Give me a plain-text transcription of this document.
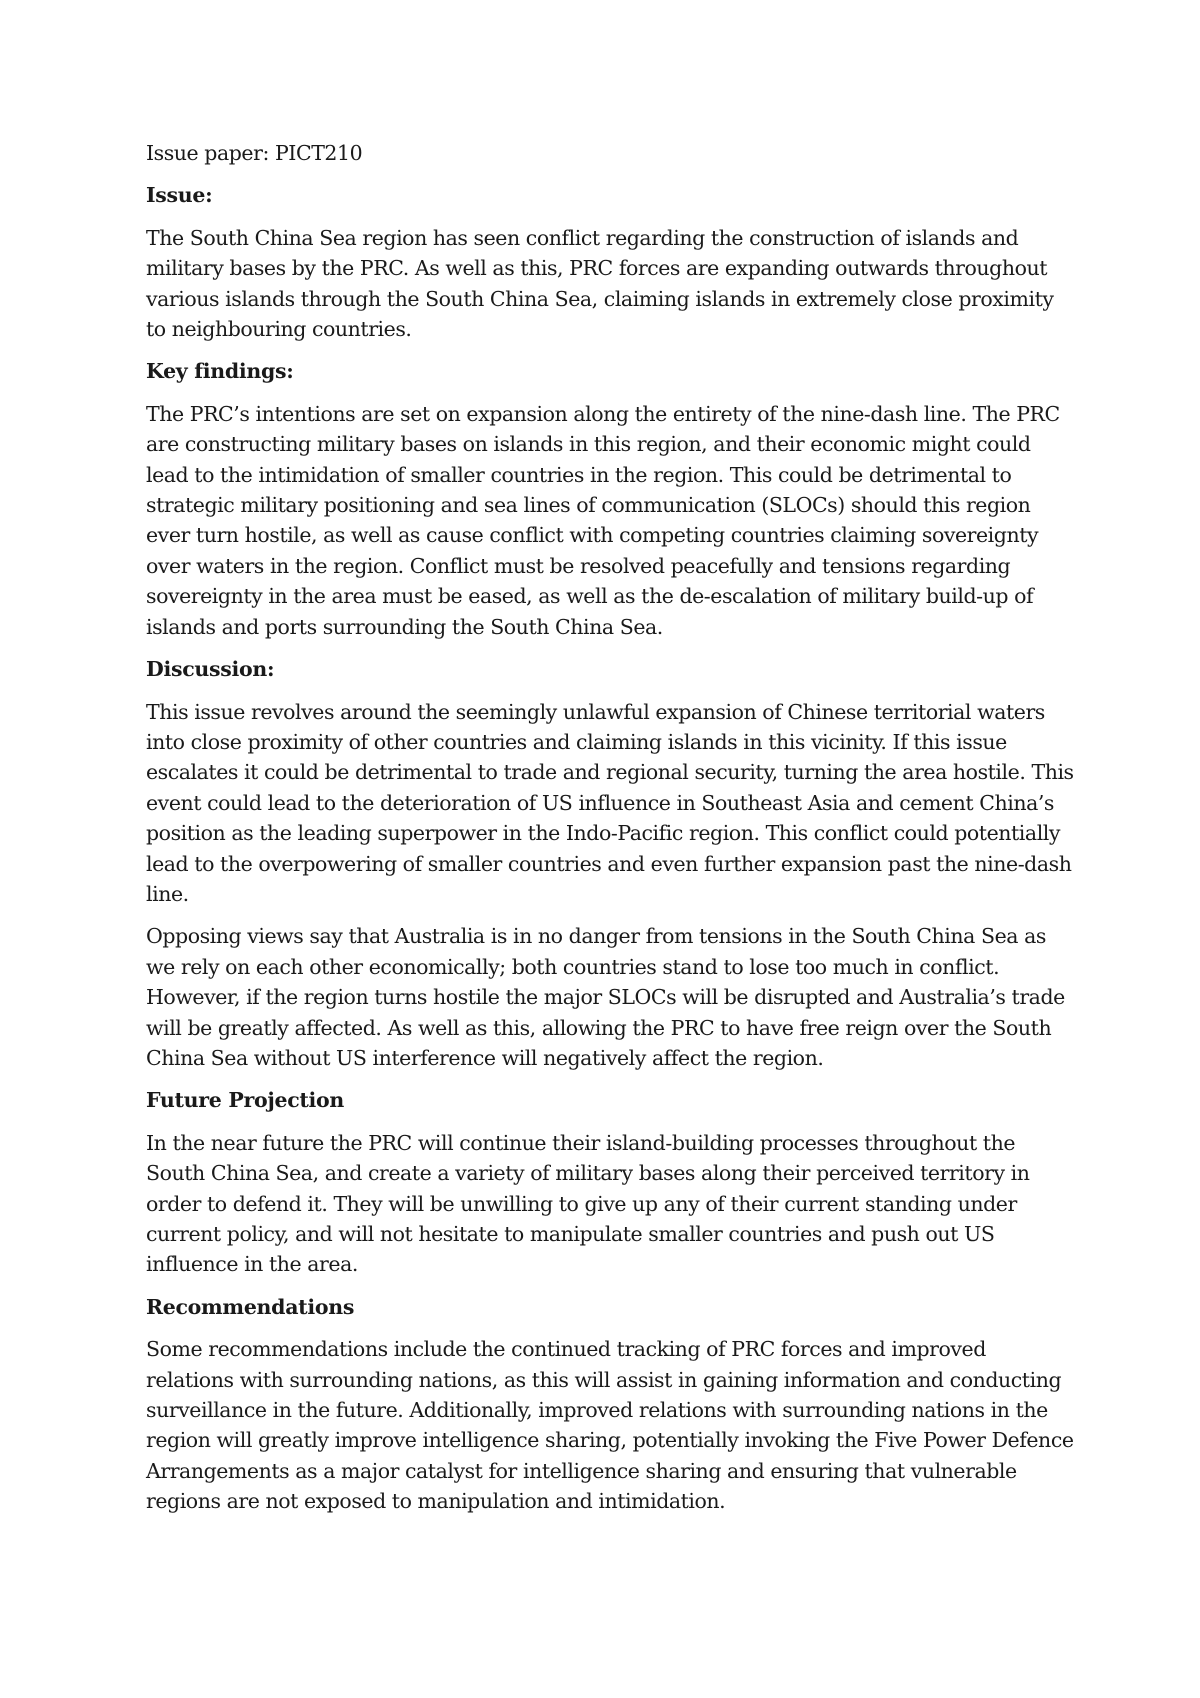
Issue paper: PICT210

Issue:

The South China Sea region has seen conflict regarding the construction of islands and military bases by the PRC. As well as this, PRC forces are expanding outwards throughout various islands through the South China Sea, claiming islands in extremely close proximity to neighbouring countries.

Key findings:

The PRC’s intentions are set on expansion along the entirety of the nine-dash line. The PRC are constructing military bases on islands in this region, and their economic might could lead to the intimidation of smaller countries in the region. This could be detrimental to strategic military positioning and sea lines of communication (SLOCs) should this region ever turn hostile, as well as cause conflict with competing countries claiming sovereignty over waters in the region. Conflict must be resolved peacefully and tensions regarding sovereignty in the area must be eased, as well as the de-escalation of military build-up of islands and ports surrounding the South China Sea.

Discussion:

This issue revolves around the seemingly unlawful expansion of Chinese territorial waters into close proximity of other countries and claiming islands in this vicinity. If this issue escalates it could be detrimental to trade and regional security, turning the area hostile. This event could lead to the deterioration of US influence in Southeast Asia and cement China’s position as the leading superpower in the Indo-Pacific region. This conflict could potentially lead to the overpowering of smaller countries and even further expansion past the nine-dash line.

Opposing views say that Australia is in no danger from tensions in the South China Sea as we rely on each other economically; both countries stand to lose too much in conflict. However, if the region turns hostile the major SLOCs will be disrupted and Australia’s trade will be greatly affected. As well as this, allowing the PRC to have free reign over the South China Sea without US interference will negatively affect the region.

Future Projection

In the near future the PRC will continue their island-building processes throughout the South China Sea, and create a variety of military bases along their perceived territory in order to defend it. They will be unwilling to give up any of their current standing under current policy, and will not hesitate to manipulate smaller countries and push out US influence in the area.

Recommendations

Some recommendations include the continued tracking of PRC forces and improved relations with surrounding nations, as this will assist in gaining information and conducting surveillance in the future. Additionally, improved relations with surrounding nations in the region will greatly improve intelligence sharing, potentially invoking the Five Power Defence Arrangements as a major catalyst for intelligence sharing and ensuring that vulnerable regions are not exposed to manipulation and intimidation.
